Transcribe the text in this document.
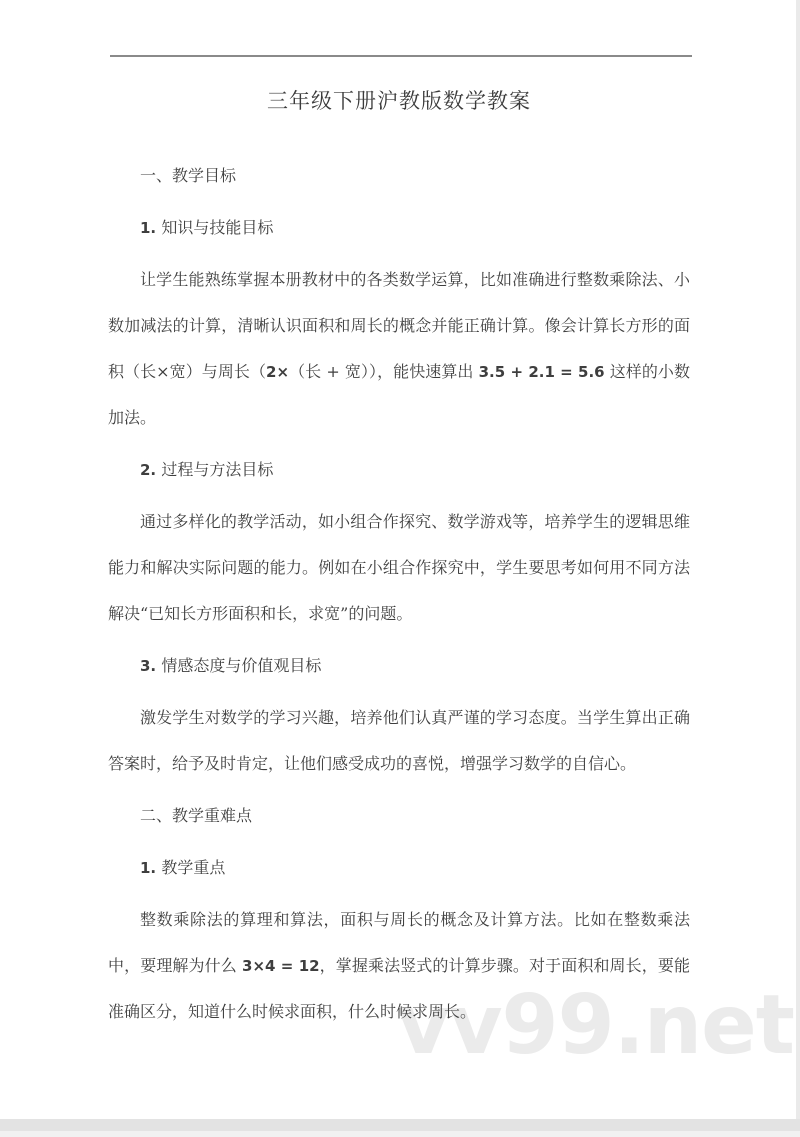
vv99.net
三年级下册沪教版数学教案
一、教学目标
1. 知识与技能目标
让学生能熟练掌握本册教材中的各类数学运算，比如准确进行整数乘除法、小数加减法的计算，清晰认识面积和周长的概念并能正确计算。像会计算长方形的面积（长×宽）与周长（2×（长 + 宽）），能快速算出 3.5 + 2.1 = 5.6 这样的小数加法。
2. 过程与方法目标
通过多样化的教学活动，如小组合作探究、数学游戏等，培养学生的逻辑思维能力和解决实际问题的能力。例如在小组合作探究中，学生要思考如何用不同方法解决“已知长方形面积和长，求宽”的问题。
3. 情感态度与价值观目标
激发学生对数学的学习兴趣，培养他们认真严谨的学习态度。当学生算出正确答案时，给予及时肯定，让他们感受成功的喜悦，增强学习数学的自信心。
二、教学重难点
1. 教学重点
整数乘除法的算理和算法，面积与周长的概念及计算方法。比如在整数乘法中，要理解为什么 3×4 = 12，掌握乘法竖式的计算步骤。对于面积和周长，要能准确区分，知道什么时候求面积，什么时候求周长。
